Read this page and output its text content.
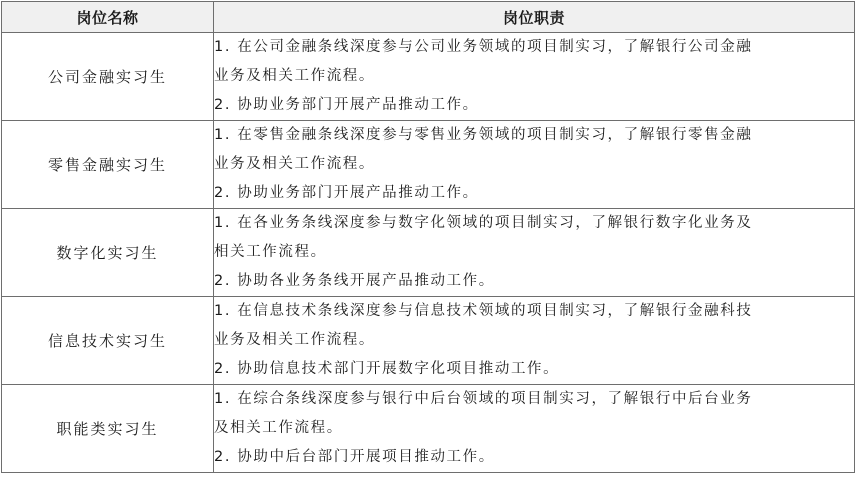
岗位名称	岗位职责
公司金融实习生	1. 在公司金融条线深度参与公司业务领域的项目制实习，了解银行公司金融
业务及相关工作流程。
2. 协助业务部门开展产品推动工作。

零售金融实习生	1. 在零售金融条线深度参与零售业务领域的项目制实习，了解银行零售金融
业务及相关工作流程。
2. 协助业务部门开展产品推动工作。

数字化实习生	1. 在各业务条线深度参与数字化领域的项目制实习，了解银行数字化业务及
相关工作流程。
2. 协助各业务条线开展产品推动工作。

信息技术实习生	1. 在信息技术条线深度参与信息技术领域的项目制实习，了解银行金融科技
业务及相关工作流程。
2. 协助信息技术部门开展数字化项目推动工作。

职能类实习生	1. 在综合条线深度参与银行中后台领域的项目制实习，了解银行中后台业务
及相关工作流程。
2. 协助中后台部门开展项目推动工作。
